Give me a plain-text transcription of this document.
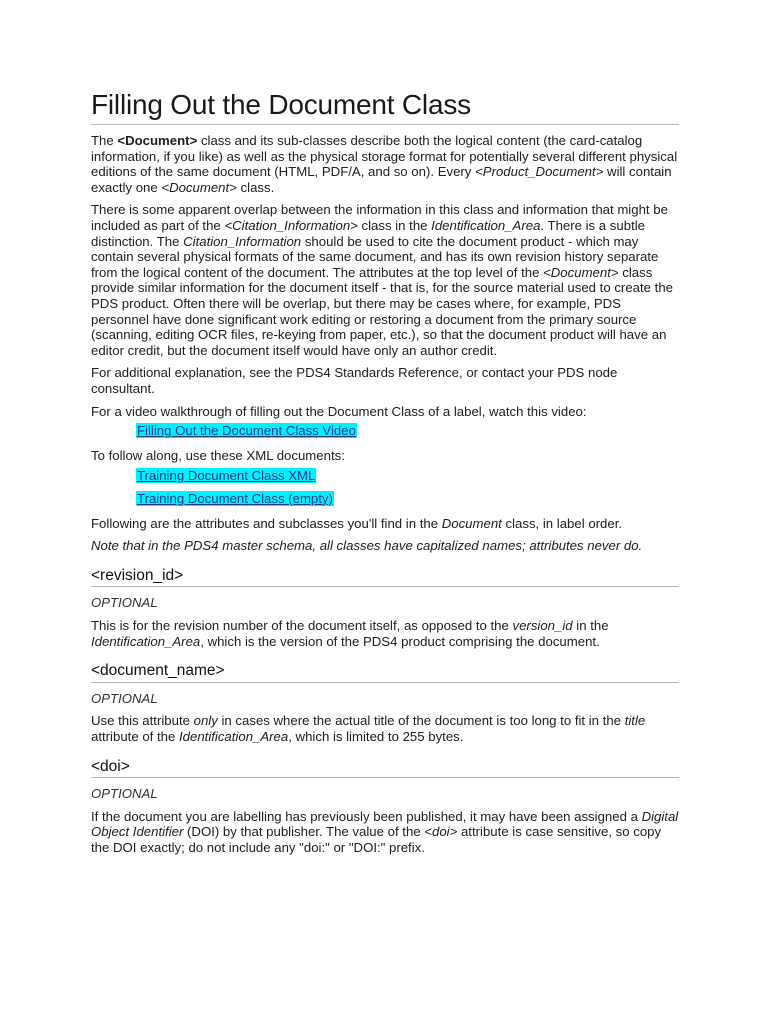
Filling Out the Document Class

The <Document> class and its sub-classes describe both the logical content (the card-catalog information, if you like) as well as the physical storage format for potentially several different physical editions of the same document (HTML, PDF/A, and so on). Every <Product_Document> will contain exactly one <Document> class.

There is some apparent overlap between the information in this class and information that might be included as part of the <Citation_Information> class in the Identification_Area. There is a subtle distinction. The Citation_Information should be used to cite the document product - which may contain several physical formats of the same document, and has its own revision history separate from the logical content of the document. The attributes at the top level of the <Document> class provide similar information for the document itself - that is, for the source material used to create the PDS product. Often there will be overlap, but there may be cases where, for example, PDS personnel have done significant work editing or restoring a document from the primary source (scanning, editing OCR files, re-keying from paper, etc.), so that the document product will have an editor credit, but the document itself would have only an author credit.

For additional explanation, see the PDS4 Standards Reference, or contact your PDS node consultant.

For a video walkthrough of filling out the Document Class of a label, watch this video:

Filling Out the Document Class Video

To follow along, use these XML documents:

Training Document Class XML
Training Document Class (empty)

Following are the attributes and subclasses you'll find in the Document class, in label order.

Note that in the PDS4 master schema, all classes have capitalized names; attributes never do.

<revision_id>

OPTIONAL

This is for the revision number of the document itself, as opposed to the version_id in the Identification_Area, which is the version of the PDS4 product comprising the document.

<document_name>

OPTIONAL

Use this attribute only in cases where the actual title of the document is too long to fit in the title attribute of the Identification_Area, which is limited to 255 bytes.

<doi>

OPTIONAL

If the document you are labelling has previously been published, it may have been assigned a Digital Object Identifier (DOI) by that publisher. The value of the <doi> attribute is case sensitive, so copy the DOI exactly; do not include any "doi:" or "DOI:" prefix.
